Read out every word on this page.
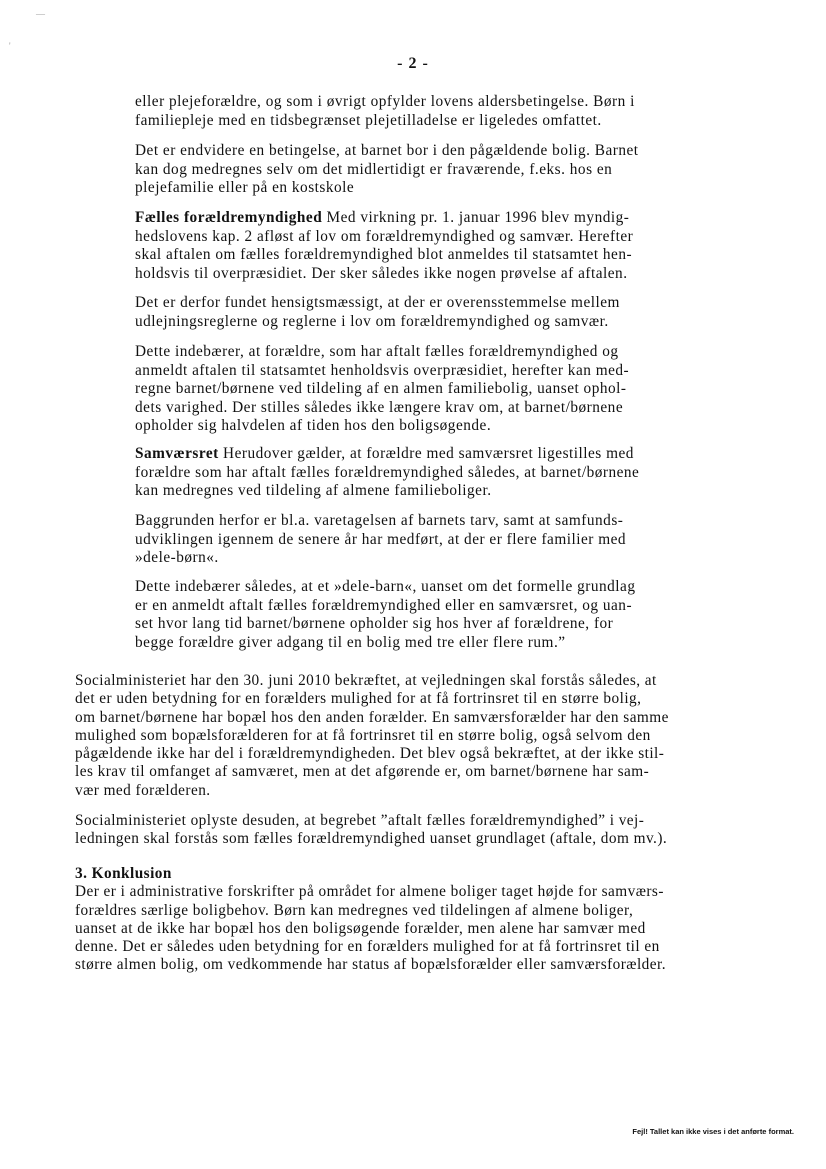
—
'
- 2 -

eller plejeforældre, og som i øvrigt opfylder lovens aldersbetingelse. Børn i
familiepleje med en tidsbegrænset plejetilladelse er ligeledes omfattet.

Det er endvidere en betingelse, at barnet bor i den pågældende bolig. Barnet
kan dog medregnes selv om det midlertidigt er fraværende, f.eks. hos en
plejefamilie eller på en kostskole

Fælles forældremyndighed Med virkning pr. 1. januar 1996 blev myndig-
hedslovens kap. 2 afløst af lov om forældremyndighed og samvær. Herefter
skal aftalen om fælles forældremyndighed blot anmeldes til statsamtet hen-
holdsvis til overpræsidiet. Der sker således ikke nogen prøvelse af aftalen.

Det er derfor fundet hensigtsmæssigt, at der er overensstemmelse mellem
udlejningsreglerne og reglerne i lov om forældremyndighed og samvær.

Dette indebærer, at forældre, som har aftalt fælles forældremyndighed og
anmeldt aftalen til statsamtet henholdsvis overpræsidiet, herefter kan med-
regne barnet/børnene ved tildeling af en almen familiebolig, uanset ophol-
dets varighed. Der stilles således ikke længere krav om, at barnet/børnene
opholder sig halvdelen af tiden hos den boligsøgende.

Samværsret Herudover gælder, at forældre med samværsret ligestilles med
forældre som har aftalt fælles forældremyndighed således, at barnet/børnene
kan medregnes ved tildeling af almene familieboliger.

Baggrunden herfor er bl.a. varetagelsen af barnets tarv, samt at samfunds-
udviklingen igennem de senere år har medført, at der er flere familier med
»dele-børn«.

Dette indebærer således, at et »dele-barn«, uanset om det formelle grundlag
er en anmeldt aftalt fælles forældremyndighed eller en samværsret, og uan-
set hvor lang tid barnet/børnene opholder sig hos hver af forældrene, for
begge forældre giver adgang til en bolig med tre eller flere rum.”

Socialministeriet har den 30. juni 2010 bekræftet, at vejledningen skal forstås således, at
det er uden betydning for en forælders mulighed for at få fortrinsret til en større bolig,
om barnet/børnene har bopæl hos den anden forælder. En samværsforælder har den samme
mulighed som bopælsforælderen for at få fortrinsret til en større bolig, også selvom den
pågældende ikke har del i forældremyndigheden. Det blev også bekræftet, at der ikke stil-
les krav til omfanget af samværet, men at det afgørende er, om barnet/børnene har sam-
vær med forælderen.

Socialministeriet oplyste desuden, at begrebet ”aftalt fælles forældremyndighed” i vej-
ledningen skal forstås som fælles forældremyndighed uanset grundlaget (aftale, dom mv.).

3. Konklusion

Der er i administrative forskrifter på området for almene boliger taget højde for samværs-
forældres særlige boligbehov. Børn kan medregnes ved tildelingen af almene boliger,
uanset at de ikke har bopæl hos den boligsøgende forælder, men alene har samvær med
denne. Det er således uden betydning for en forælders mulighed for at få fortrinsret til en
større almen bolig, om vedkommende har status af bopælsforælder eller samværsforælder.

Fejl! Tallet kan ikke vises i det anførte format.
